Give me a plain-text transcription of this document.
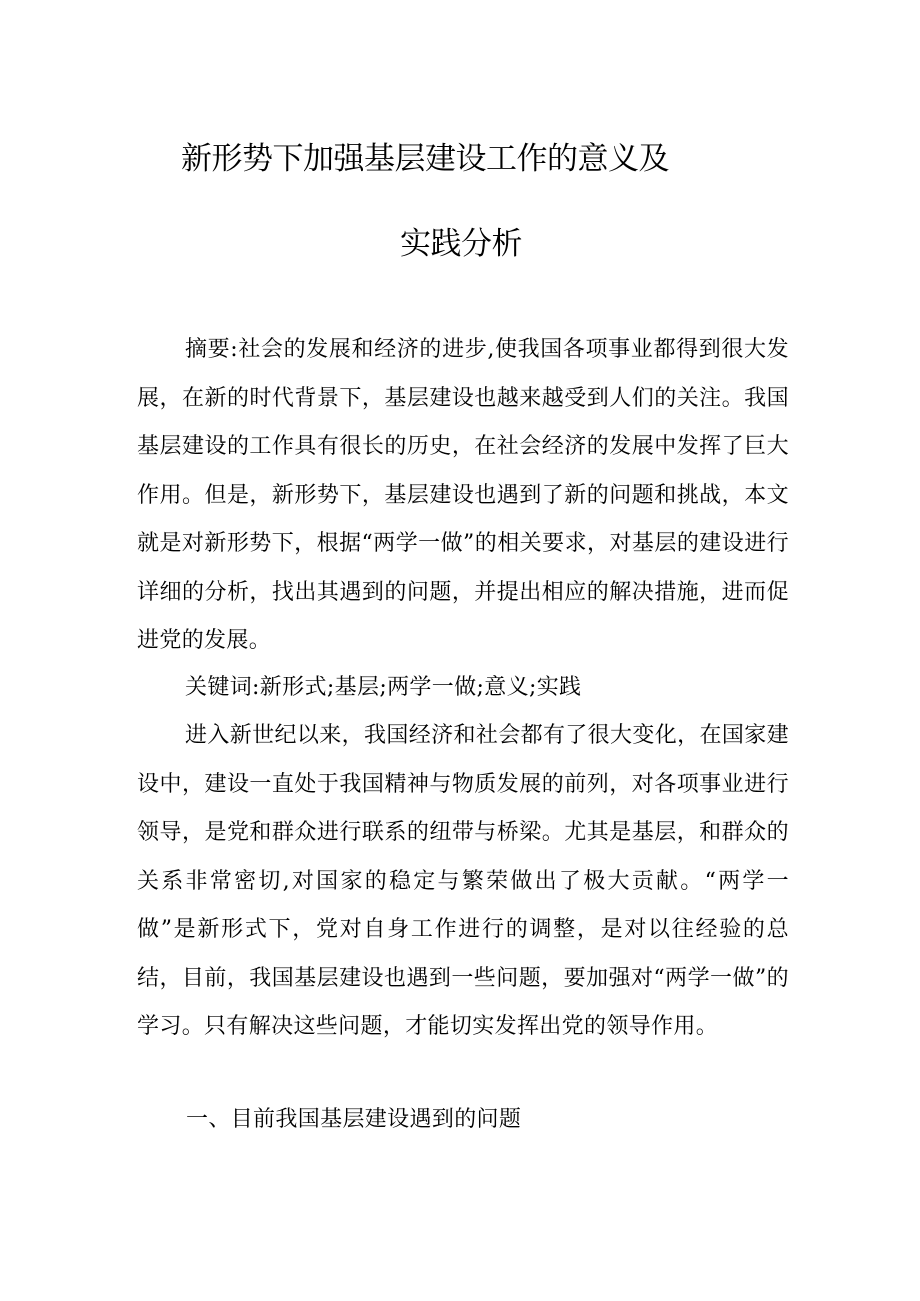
新形势下加强基层建设工作的意义及
实践分析

摘要:社会的发展和经济的进步,使我国各项事业都得到很大发展，在新的时代背景下，基层建设也越来越受到人们的关注。我国基层建设的工作具有很长的历史，在社会经济的发展中发挥了巨大作用。但是，新形势下，基层建设也遇到了新的问题和挑战，本文就是对新形势下，根据“两学一做”的相关要求，对基层的建设进行详细的分析，找出其遇到的问题，并提出相应的解决措施，进而促进党的发展。

关键词:新形式;基层;两学一做;意义;实践

进入新世纪以来，我国经济和社会都有了很大变化，在国家建设中，建设一直处于我国精神与物质发展的前列，对各项事业进行领导，是党和群众进行联系的纽带与桥梁。尤其是基层，和群众的关系非常密切,对国家的稳定与繁荣做出了极大贡献。“两学一做”是新形式下，党对自身工作进行的调整，是对以往经验的总结，目前，我国基层建设也遇到一些问题，要加强对“两学一做”的学习。只有解决这些问题，才能切实发挥出党的领导作用。

一、目前我国基层建设遇到的问题
